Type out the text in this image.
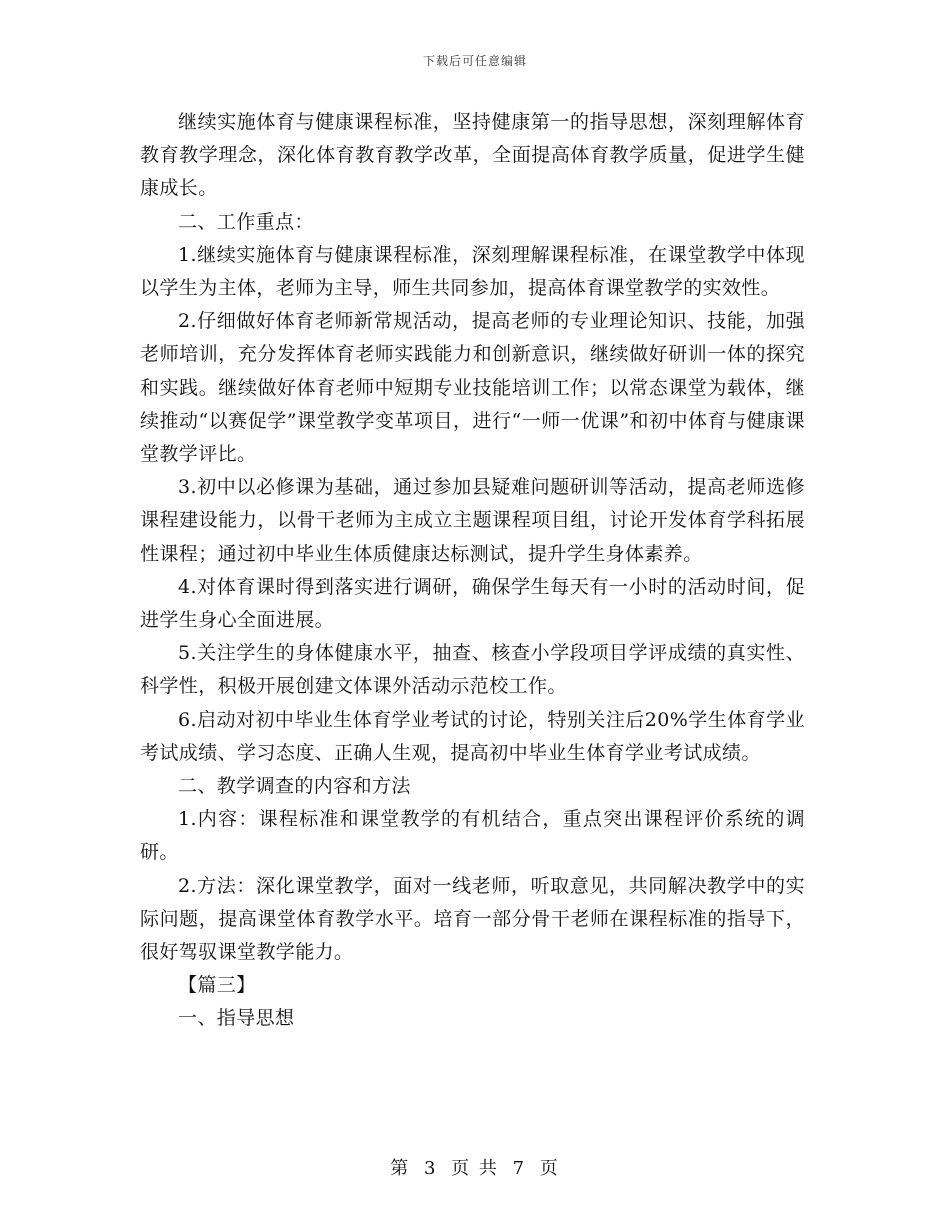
下载后可任意编辑

继续实施体育与健康课程标准，坚持健康第一的指导思想，深刻理解体育教育教学理念，深化体育教育教学改革，全面提高体育教学质量，促进学生健康成长。

二、工作重点：

1.继续实施体育与健康课程标准，深刻理解课程标准，在课堂教学中体现以学生为主体，老师为主导，师生共同参加，提高体育课堂教学的实效性。

2.仔细做好体育老师新常规活动，提高老师的专业理论知识、技能，加强老师培训，充分发挥体育老师实践能力和创新意识，继续做好研训一体的探究和实践。继续做好体育老师中短期专业技能培训工作；以常态课堂为载体，继续推动“以赛促学”课堂教学变革项目，进行“一师一优课”和初中体育与健康课堂教学评比。

3.初中以必修课为基础，通过参加县疑难问题研训等活动，提高老师选修课程建设能力，以骨干老师为主成立主题课程项目组，讨论开发体育学科拓展性课程；通过初中毕业生体质健康达标测试，提升学生身体素养。

4.对体育课时得到落实进行调研，确保学生每天有一小时的活动时间，促进学生身心全面进展。

5.关注学生的身体健康水平，抽查、核查小学段项目学评成绩的真实性、科学性，积极开展创建文体课外活动示范校工作。

6.启动对初中毕业生体育学业考试的讨论，特别关注后20%学生体育学业考试成绩、学习态度、正确人生观，提高初中毕业生体育学业考试成绩。

二、教学调查的内容和方法

1.内容：课程标准和课堂教学的有机结合，重点突出课程评价系统的调研。

2.方法：深化课堂教学，面对一线老师，听取意见，共同解决教学中的实际问题，提高课堂体育教学水平。培育一部分骨干老师在课程标准的指导下，很好驾驭课堂教学能力。

【篇三】

一、指导思想

第 3 页 共 7 页
